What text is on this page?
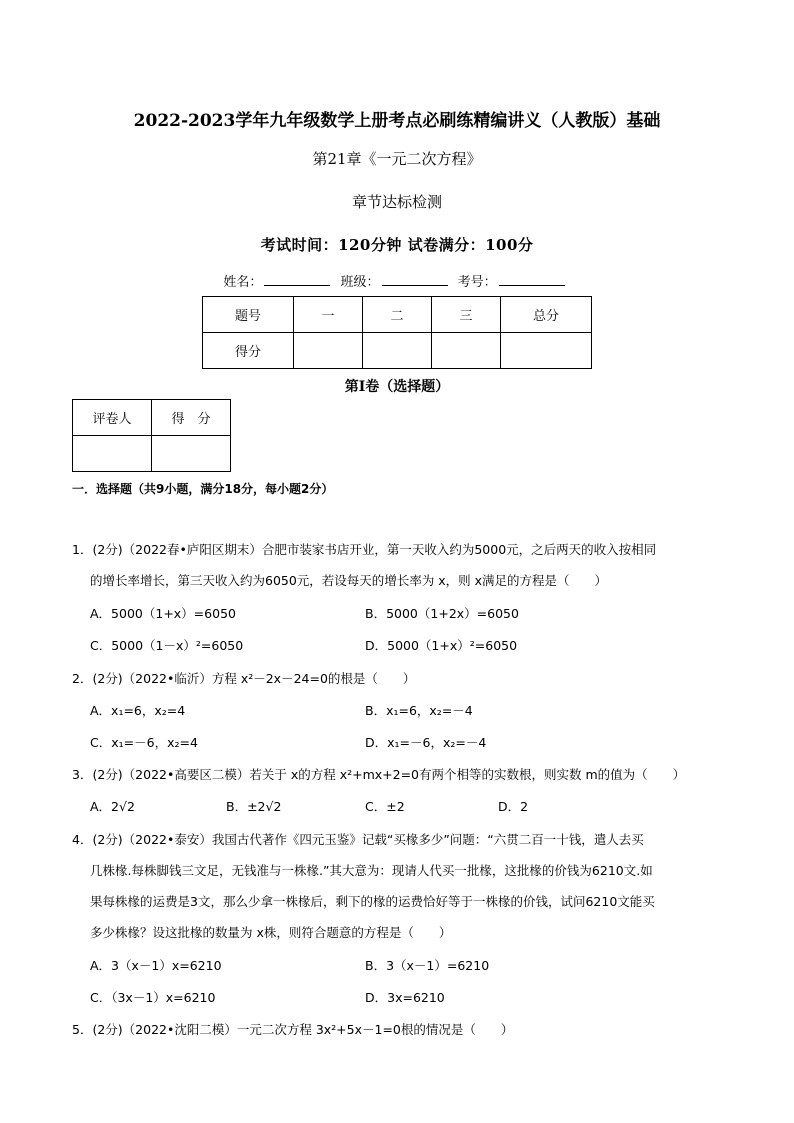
2022-2023学年九年级数学上册考点必刷练精编讲义（人教版）基础
第21章《一元二次方程》
章节达标检测
考试时间：120分钟 试卷满分：100分
姓名：	班级：	考号：
题号	一	二	三	总分
得分				
第Ⅰ卷（选择题）
评卷人	得　分

一．选择题（共9小题，满分18分，每小题2分）
1．(2分)（2022春•庐阳区期末）合肥市装家书店开业，第一天收入约为5000元，之后两天的收入按相同
的增长率增长，第三天收入约为6050元，若设每天的增长率为 x，则 x满足的方程是（　　）
A．5000（1+x）=6050	B．5000（1+2x）=6050
C．5000（1－x）²=6050	D．5000（1+x）²=6050
2．(2分)（2022•临沂）方程 x²－2x－24=0的根是（　　）
A．x₁=6，x₂=4	B．x₁=6，x₂=－4
C．x₁=－6，x₂=4	D．x₁=－6，x₂=－4
3．(2分)（2022•高要区二模）若关于 x的方程 x²+mx+2=0有两个相等的实数根，则实数 m的值为（　　）
A．2√2	B．±2√2	C．±2	D．2
4．(2分)（2022•泰安）我国古代著作《四元玉鉴》记载“买椽多少”问题：“六贯二百一十钱，遣人去买
几株椽.每株脚钱三文足，无钱准与一株椽.”其大意为：现请人代买一批椽，这批椽的价钱为6210文.如
果每株椽的运费是3文，那么少拿一株椽后，剩下的椽的运费恰好等于一株椽的价钱，试问6210文能买
多少株椽？设这批椽的数量为 x株，则符合题意的方程是（　　）
A．3（x－1）x=6210	B．3（x－1）=6210
C．（3x－1）x=6210	D．3x=6210
5．(2分)（2022•沈阳二模）一元二次方程 3x²+5x－1=0根的情况是（　　）
